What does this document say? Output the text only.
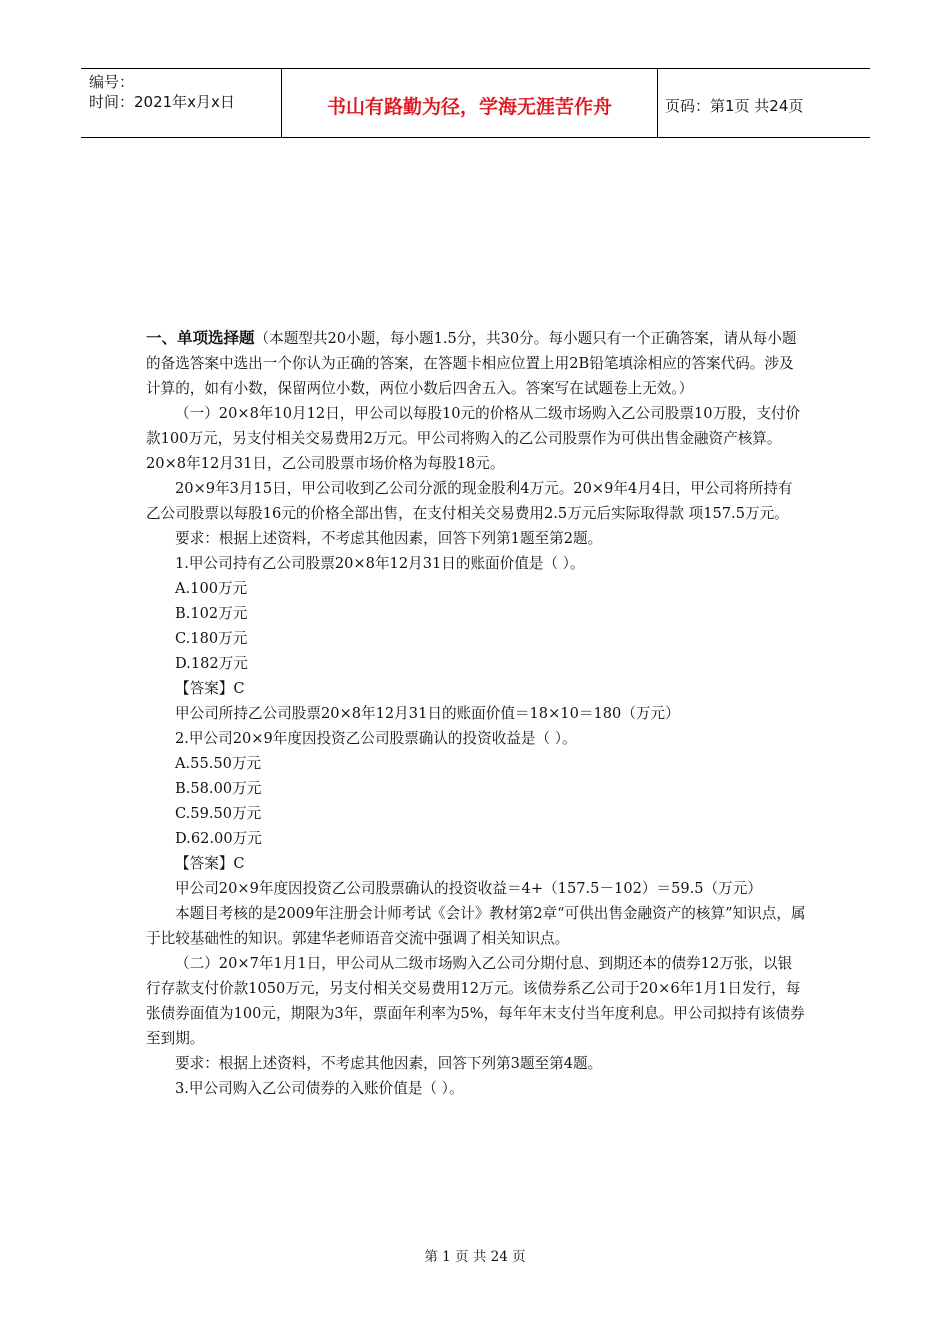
编号：
时间：2021年x月x日	书山有路勤为径，学海无涯苦作舟	页码：第1页 共24页

一、单项选择题（本题型共20小题，每小题1.5分，共30分。每小题只有一个正确答案，请从每小题的备选答案中选出一个你认为正确的答案，在答题卡相应位置上用2B铅笔填涂相应的答案代码。涉及计算的，如有小数，保留两位小数，两位小数后四舍五入。答案写在试题卷上无效。）

（一）20×8年10月12日，甲公司以每股10元的价格从二级市场购入乙公司股票10万股，支付价款100万元，另支付相关交易费用2万元。甲公司将购入的乙公司股票作为可供出售金融资产核算。20×8年12月31日，乙公司股票市场价格为每股18元。

20×9年3月15日，甲公司收到乙公司分派的现金股利4万元。20×9年4月4日，甲公司将所持有乙公司股票以每股16元的价格全部出售，在支付相关交易费用2.5万元后实际取得款 项157.5万元。

要求：根据上述资料，不考虑其他因素，回答下列第1题至第2题。

1.甲公司持有乙公司股票20×8年12月31日的账面价值是（ ）。

A.100万元

B.102万元

C.180万元

D.182万元

【答案】C

甲公司所持乙公司股票20×8年12月31日的账面价值＝18×10＝180（万元）

2.甲公司20×9年度因投资乙公司股票确认的投资收益是（ ）。

A.55.50万元

B.58.00万元

C.59.50万元

D.62.00万元

【答案】C

甲公司20×9年度因投资乙公司股票确认的投资收益＝4+（157.5－102）＝59.5（万元）

本题目考核的是2009年注册会计师考试《会计》教材第2章“可供出售金融资产的核算”知识点，属于比较基础性的知识。郭建华老师语音交流中强调了相关知识点。

（二）20×7年1月1日，甲公司从二级市场购入乙公司分期付息、到期还本的债券12万张，以银行存款支付价款1050万元，另支付相关交易费用12万元。该债券系乙公司于20×6年1月1日发行，每张债券面值为100元，期限为3年，票面年利率为5%，每年年末支付当年度利息。甲公司拟持有该债券至到期。

要求：根据上述资料，不考虑其他因素，回答下列第3题至第4题。

3.甲公司购入乙公司债券的入账价值是（ ）。

第 1 页 共 24 页
